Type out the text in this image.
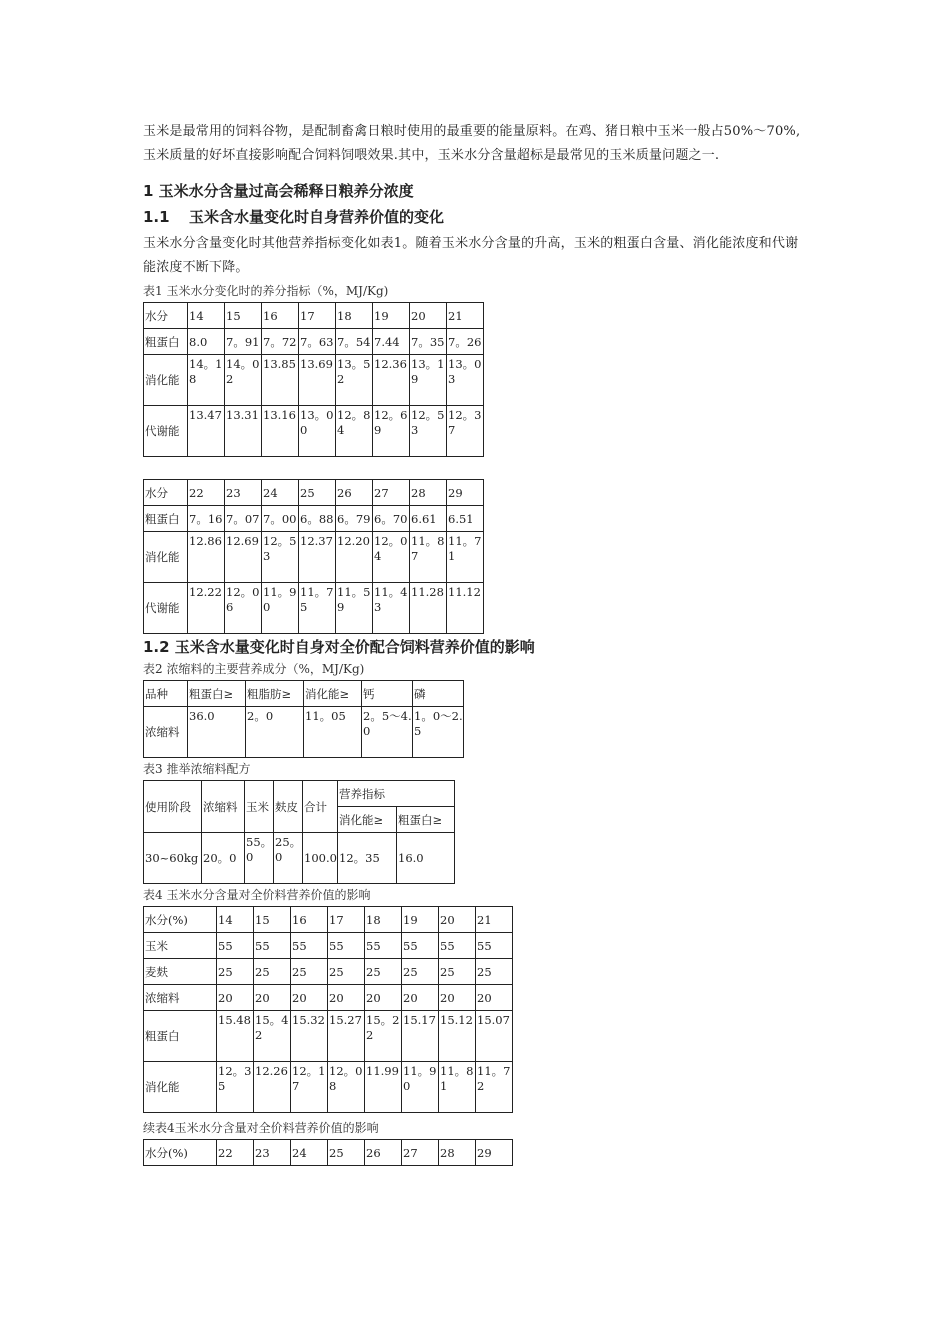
玉米是最常用的饲料谷物，是配制畜禽日粮时使用的最重要的能量原料。在鸡、猪日粮中玉米一般占50%～70%,玉米质量的好坏直接影响配合饲料饲喂效果.其中，玉米水分含量超标是最常见的玉米质量问题之一.

1 玉米水分含量过高会稀释日粮养分浓度
1.1 玉米含水量变化时自身营养价值的变化

玉米水分含量变化时其他营养指标变化如表1。随着玉米水分含量的升高，玉米的粗蛋白含量、消化能浓度和代谢能浓度不断下降。

表1 玉米水分变化时的养分指标（%，MJ/Kg)
水分	14	15	16	17	18	19	20	21
粗蛋白	8.0	7。91	7。72	7。63	7。54	7.44	7。35	7。26
消化能	14。18	14。02	13.85	13.69	13。52	12.36	13。19	13。03
代谢能	13.47	13.31	13.16	13。00	12。84	12。69	12。53	12。37
水分	22	23	24	25	26	27	28	29
粗蛋白	7。16	7。07	7。00	6。88	6。79	6。70	6.61	6.51
消化能	12.86	12.69	12。53	12.37	12.20	12。04	11。87	11。71
代谢能	12.22	12。06	11。90	11。75	11。59	11。43	11.28	11.12
1.2 玉米含水量变化时自身对全价配合饲料营养价值的影响
表2 浓缩料的主要营养成分（%，MJ/Kg)
品种	粗蛋白≥	粗脂肪≥	消化能≥	钙	磷
浓缩料	36.0	2。0	11。05	2。5～4.0	1。0～2.5
表3 推举浓缩料配方
使用阶段	浓缩料	玉米	麸皮	合计	营养指标	
					消化能≥	粗蛋白≥
30~60kg	20。0	55。0	25。0	100.0	12。35	16.0
表4 玉米水分含量对全价料营养价值的影响
水分(%)	14	15	16	17	18	19	20	21
玉米	55	55	55	55	55	55	55	55
麦麸	25	25	25	25	25	25	25	25
浓缩料	20	20	20	20	20	20	20	20
粗蛋白	15.48	15。42	15.32	15.27	15。22	15.17	15.12	15.07
消化能	12。35	12.26	12。17	12。08	11.99	11。90	11。81	11。72
续表4玉米水分含量对全价料营养价值的影响
水分(%)	22	23	24	25	26	27	28	29
